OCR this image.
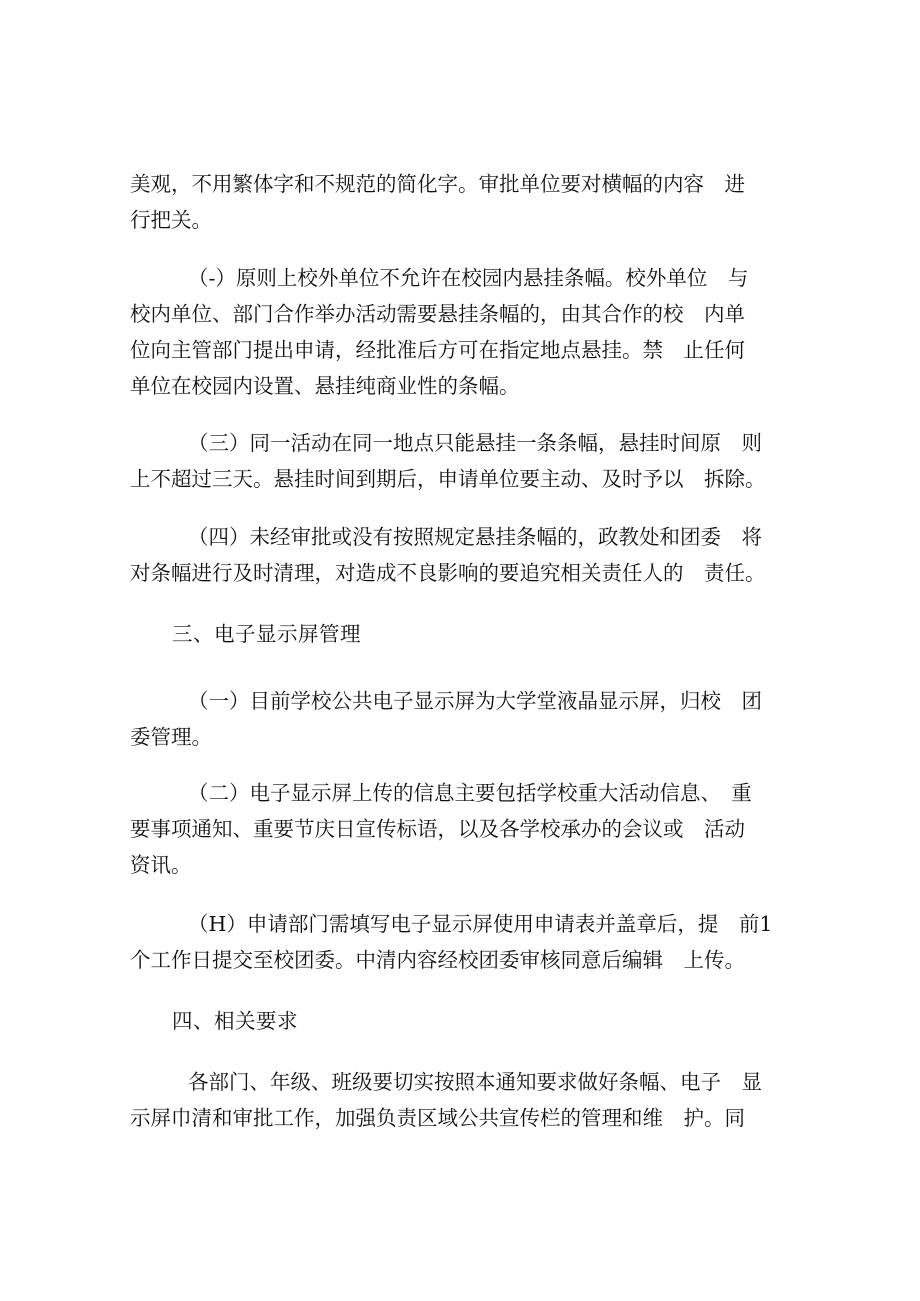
美观，不用繁体字和不规范的简化字。审批单位要对横幅的内容　进
行把关。
（-）原则上校外单位不允许在校园内悬挂条幅。校外单位　与
校内单位、部门合作举办活动需要悬挂条幅的，由其合作的校　内单
位向主管部门提出申请，经批准后方可在指定地点悬挂。禁　止任何
单位在校园内设置、悬挂纯商业性的条幅。
（三）同一活动在同一地点只能悬挂一条条幅，悬挂时间原　则
上不超过三天。悬挂时间到期后，申请单位要主动、及时予以　拆除。
（四）未经审批或没有按照规定悬挂条幅的，政教处和团委　将
对条幅进行及时清理，对造成不良影响的要追究相关责任人的　责任。
三、电子显示屏管理
（一）目前学校公共电子显示屏为大学堂液晶显示屏，归校　团
委管理。
（二）电子显示屏上传的信息主要包括学校重大活动信息、　重
要事项通知、重要节庆日宣传标语，以及各学校承办的会议或　活动
资讯。
（H）申请部门需填写电子显示屏使用申请表并盖章后，提　前1
个工作日提交至校团委。中清内容经校团委审核同意后编辑　上传。
四、相关要求
各部门、年级、班级要切实按照本通知要求做好条幅、电子　显
示屏巾清和审批工作，加强负责区域公共宣传栏的管理和维　护。同
